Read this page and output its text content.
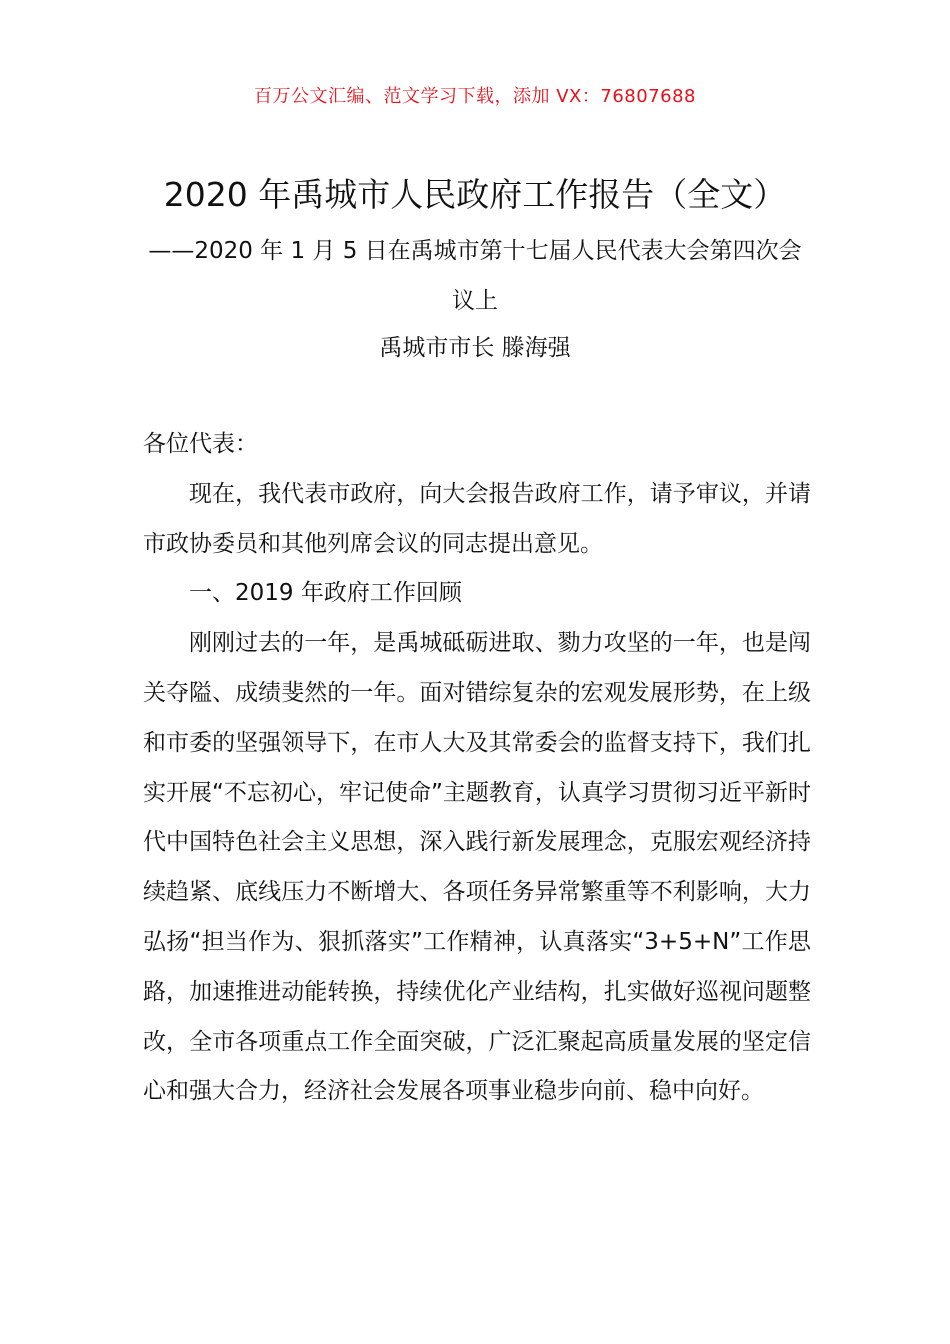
百万公文汇编、范文学习下载，添加 VX：76807688
2020 年禹城市人民政府工作报告（全文）
——2020 年 1 月 5 日在禹城市第十七届人民代表大会第四次会议上
禹城市市长 滕海强

各位代表：

现在，我代表市政府，向大会报告政府工作，请予审议，并请市政协委员和其他列席会议的同志提出意见。

一、2019 年政府工作回顾

刚刚过去的一年，是禹城砥砺进取、勠力攻坚的一年，也是闯关夺隘、成绩斐然的一年。面对错综复杂的宏观发展形势，在上级和市委的坚强领导下，在市人大及其常委会的监督支持下，我们扎实开展“不忘初心，牢记使命”主题教育，认真学习贯彻习近平新时代中国特色社会主义思想，深入践行新发展理念，克服宏观经济持续趋紧、底线压力不断增大、各项任务异常繁重等不利影响，大力弘扬“担当作为、狠抓落实”工作精神，认真落实“3+5+N”工作思路，加速推进动能转换，持续优化产业结构，扎实做好巡视问题整改，全市各项重点工作全面突破，广泛汇聚起高质量发展的坚定信心和强大合力，经济社会发展各项事业稳步向前、稳中向好。
